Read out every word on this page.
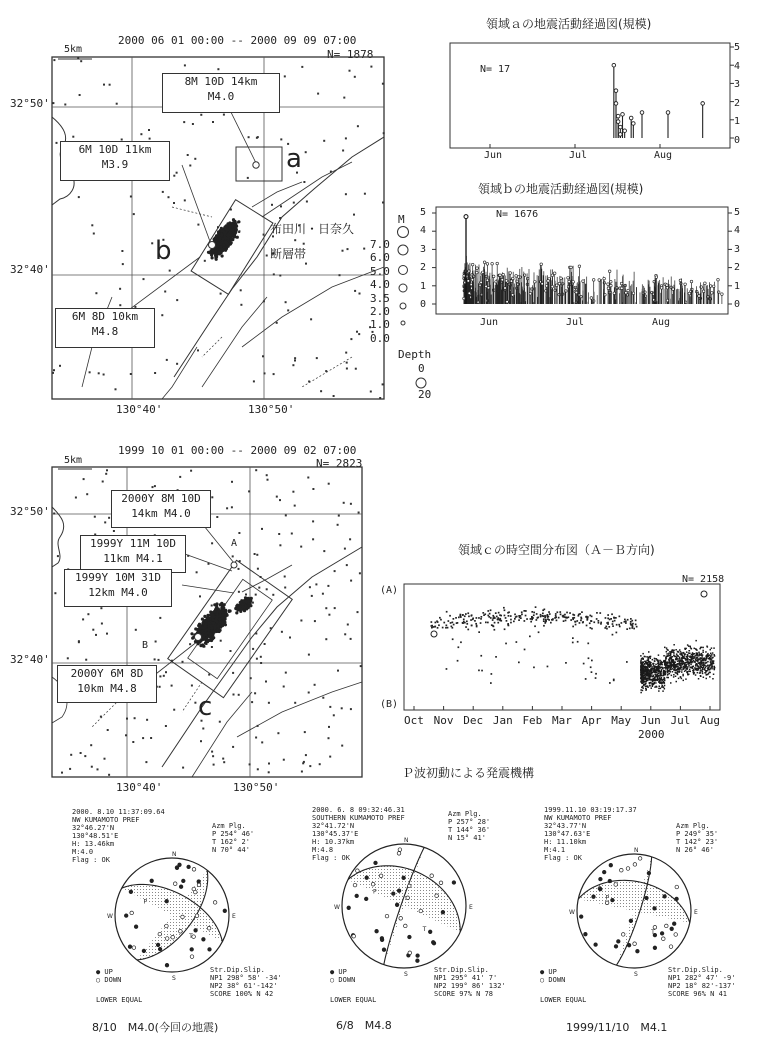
2000 06 01 00:00 -- 2000 09 09 07:00
N= 1878
5km
32°50'
32°40'
130°40'	130°50'
a
b
布田川・日奈久
断層帯
8M 10D 14km
M4.0
6M 10D 11km
M3.9
6M 8D 10km
M4.8
M
7.0
6.0
5.0
4.0
3.5
2.0
1.0
0.0
Depth
0
20
領域ａの地震活動経過図(規模)
5
4
3
2
1
0
N= 17
Jun	Jul	Aug
領域ｂの地震活動経過図(規模)
5
4
3
2
1
0
5
4
3
2
1
0
N= 1676
Jun	Jul	Aug
1999 10 01 00:00 -- 2000 09 02 07:00
N= 2823
5km
32°50'
32°40'
130°40'	130°50'
A
B
c
2000Y 8M 10D
14km M4.0
1999Y 11M 10D
11km M4.1
1999Y 10M 31D
12km M4.0
2000Y 6M 8D
10km M4.8
領域ｃの時空間分布図（Ａ－Ｂ方向)
N= 2158
(A)
(B)
Oct Nov Dec Jan Feb Mar Apr May Jun Jul Aug
2000
Ｐ波初動による発震機構
2000. 8.10 11:37:09.64
NW KUMAMOTO PREF
32°46.27'N
130°48.51'E
H: 13.46km
M:4.0
Flag : OK
Azm Plg.
P 254° 46'
T 162° 2'
N 70° 44'
N
E
S
W
P
T
Str.Dip.Slip.
NP1 298° 58' -34'
NP2 38° 61'-142'
SCORE 100% N 42
● UP
○ DOWN
LOWER EQUAL
8/10　M4.0(今回の地震)
2000. 6. 8 09:32:46.31
SOUTHERN KUMAMOTO PREF
32°41.72'N
130°45.37'E
H: 10.37km
M:4.8
Flag : OK
Azm Plg.
P 257° 28'
T 144° 36'
N 15° 41'
N
E
S
W
P
T
Str.Dip.Slip.
NP1 295° 41' 7'
NP2 199° 86' 132'
SCORE 97% N 78
● UP
○ DOWN
LOWER EQUAL
6/8　M4.8
1999.11.10 03:19:17.37
NW KUMAMOTO PREF
32°43.77'N
130°47.63'E
H: 11.10km
M:4.1
Flag : OK
Azm Plg.
P 249° 35'
T 142° 23'
N 26° 46'
N
E
S
W
P
T
Str.Dip.Slip.
NP1 282° 47' -9'
NP2 18° 82'-137'
SCORE 96% N 41
● UP
○ DOWN
LOWER EQUAL
1999/11/10　M4.1
